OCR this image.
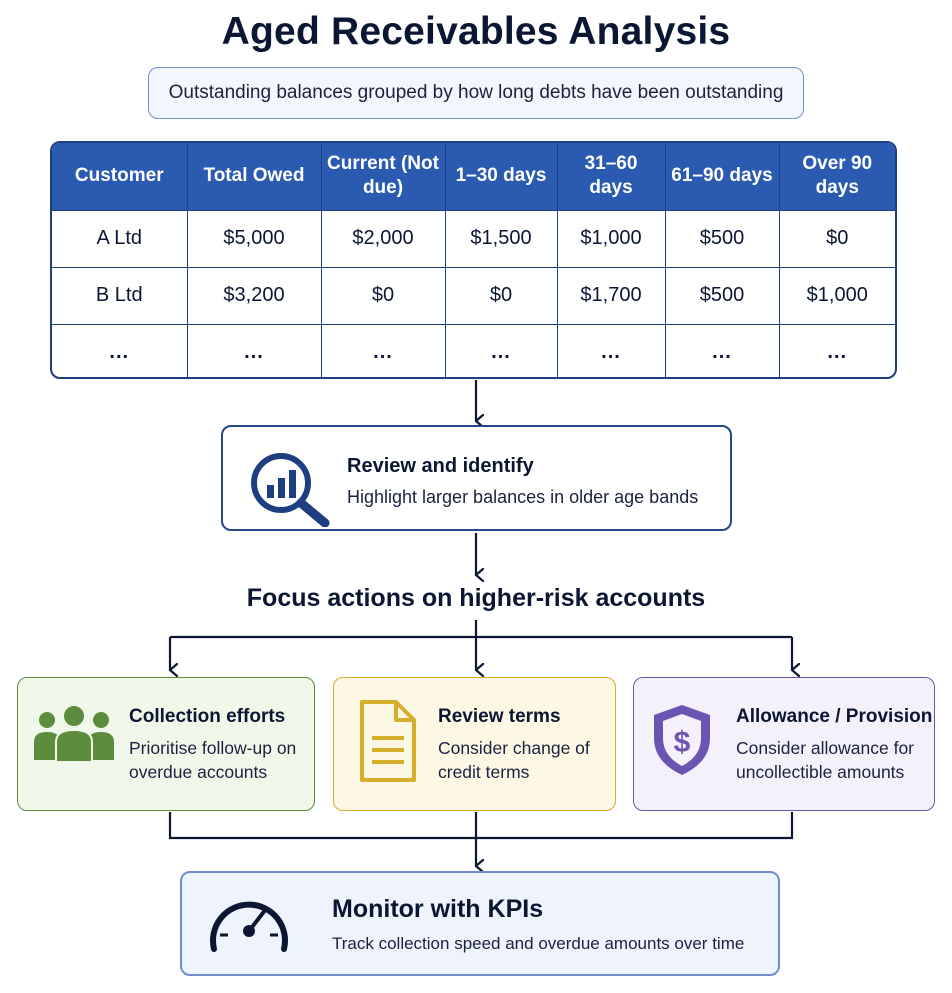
Aged Receivables Analysis
Outstanding balances grouped by how long debts have been outstanding
Customer	Total Owed	Current (Not due)	1–30 days	31–60 days	61–90 days	Over 90 days
A Ltd	$5,000	$2,000	$1,500	$1,000	$500	$0
B Ltd	$3,200	$0	$0	$1,700	$500	$1,000
...	...	...	...	...	...	...
Review and identify
Highlight larger balances in older age bands
Focus actions on higher-risk accounts
Collection efforts
Prioritise follow-up on overdue accounts
Review terms
Consider change of credit terms
$
Allowance / Provision
Consider allowance for uncollectible amounts
Monitor with KPIs
Track collection speed and overdue amounts over time
